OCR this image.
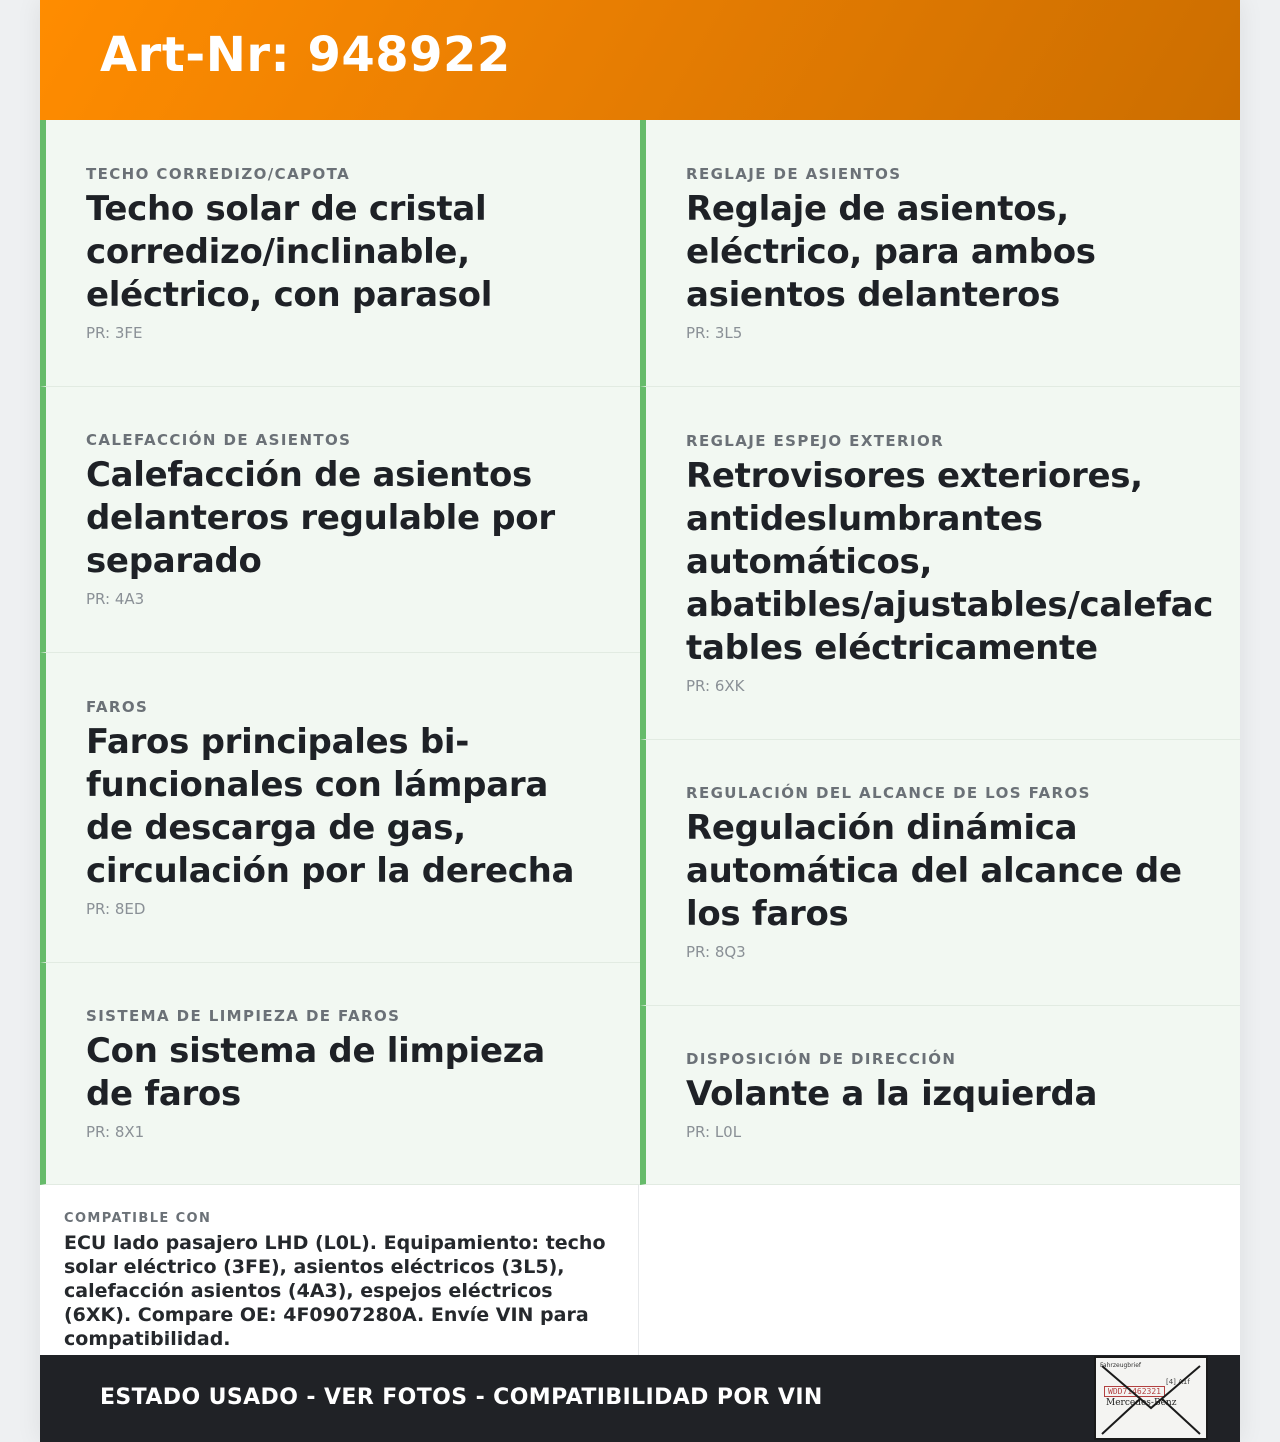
Art-Nr: 948922
TECHO CORREDIZO/CAPOTA
Techo solar de cristal corredizo/inclinable, eléctrico, con parasol
PR: 3FE
CALEFACCIÓN DE ASIENTOS
Calefacción de asientos delanteros regulable por separado
PR: 4A3
FAROS
Faros principales bi-funcionales con lámpara de descarga de gas, circulación por la derecha
PR: 8ED
SISTEMA DE LIMPIEZA DE FAROS
Con sistema de limpieza de faros
PR: 8X1
REGLAJE DE ASIENTOS
Reglaje de asientos, eléctrico, para ambos asientos delanteros
PR: 3L5
REGLAJE ESPEJO EXTERIOR
Retrovisores exteriores, antideslumbrantes automáticos, abatibles/ajustables/calefac tables eléctricamente
PR: 6XK
REGULACIÓN DEL ALCANCE DE LOS FAROS
Regulación dinámica automática del alcance de los faros
PR: 8Q3
DISPOSICIÓN DE DIRECCIÓN
Volante a la izquierda
PR: L0L
COMPATIBLE CON
ECU lado pasajero LHD (L0L). Equipamiento: techo solar eléctrico (3FE), asientos eléctricos (3L5), calefacción asientos (4A3), espejos eléctricos (6XK). Compare OE: 4F0907280A. Envíe VIN para compatibilidad.
ESTADO USADO - VER FOTOS - COMPATIBILIDAD POR VIN
Fahrzeugbrief
[4] A1f
WDD71462321
Mercedes-Benz
